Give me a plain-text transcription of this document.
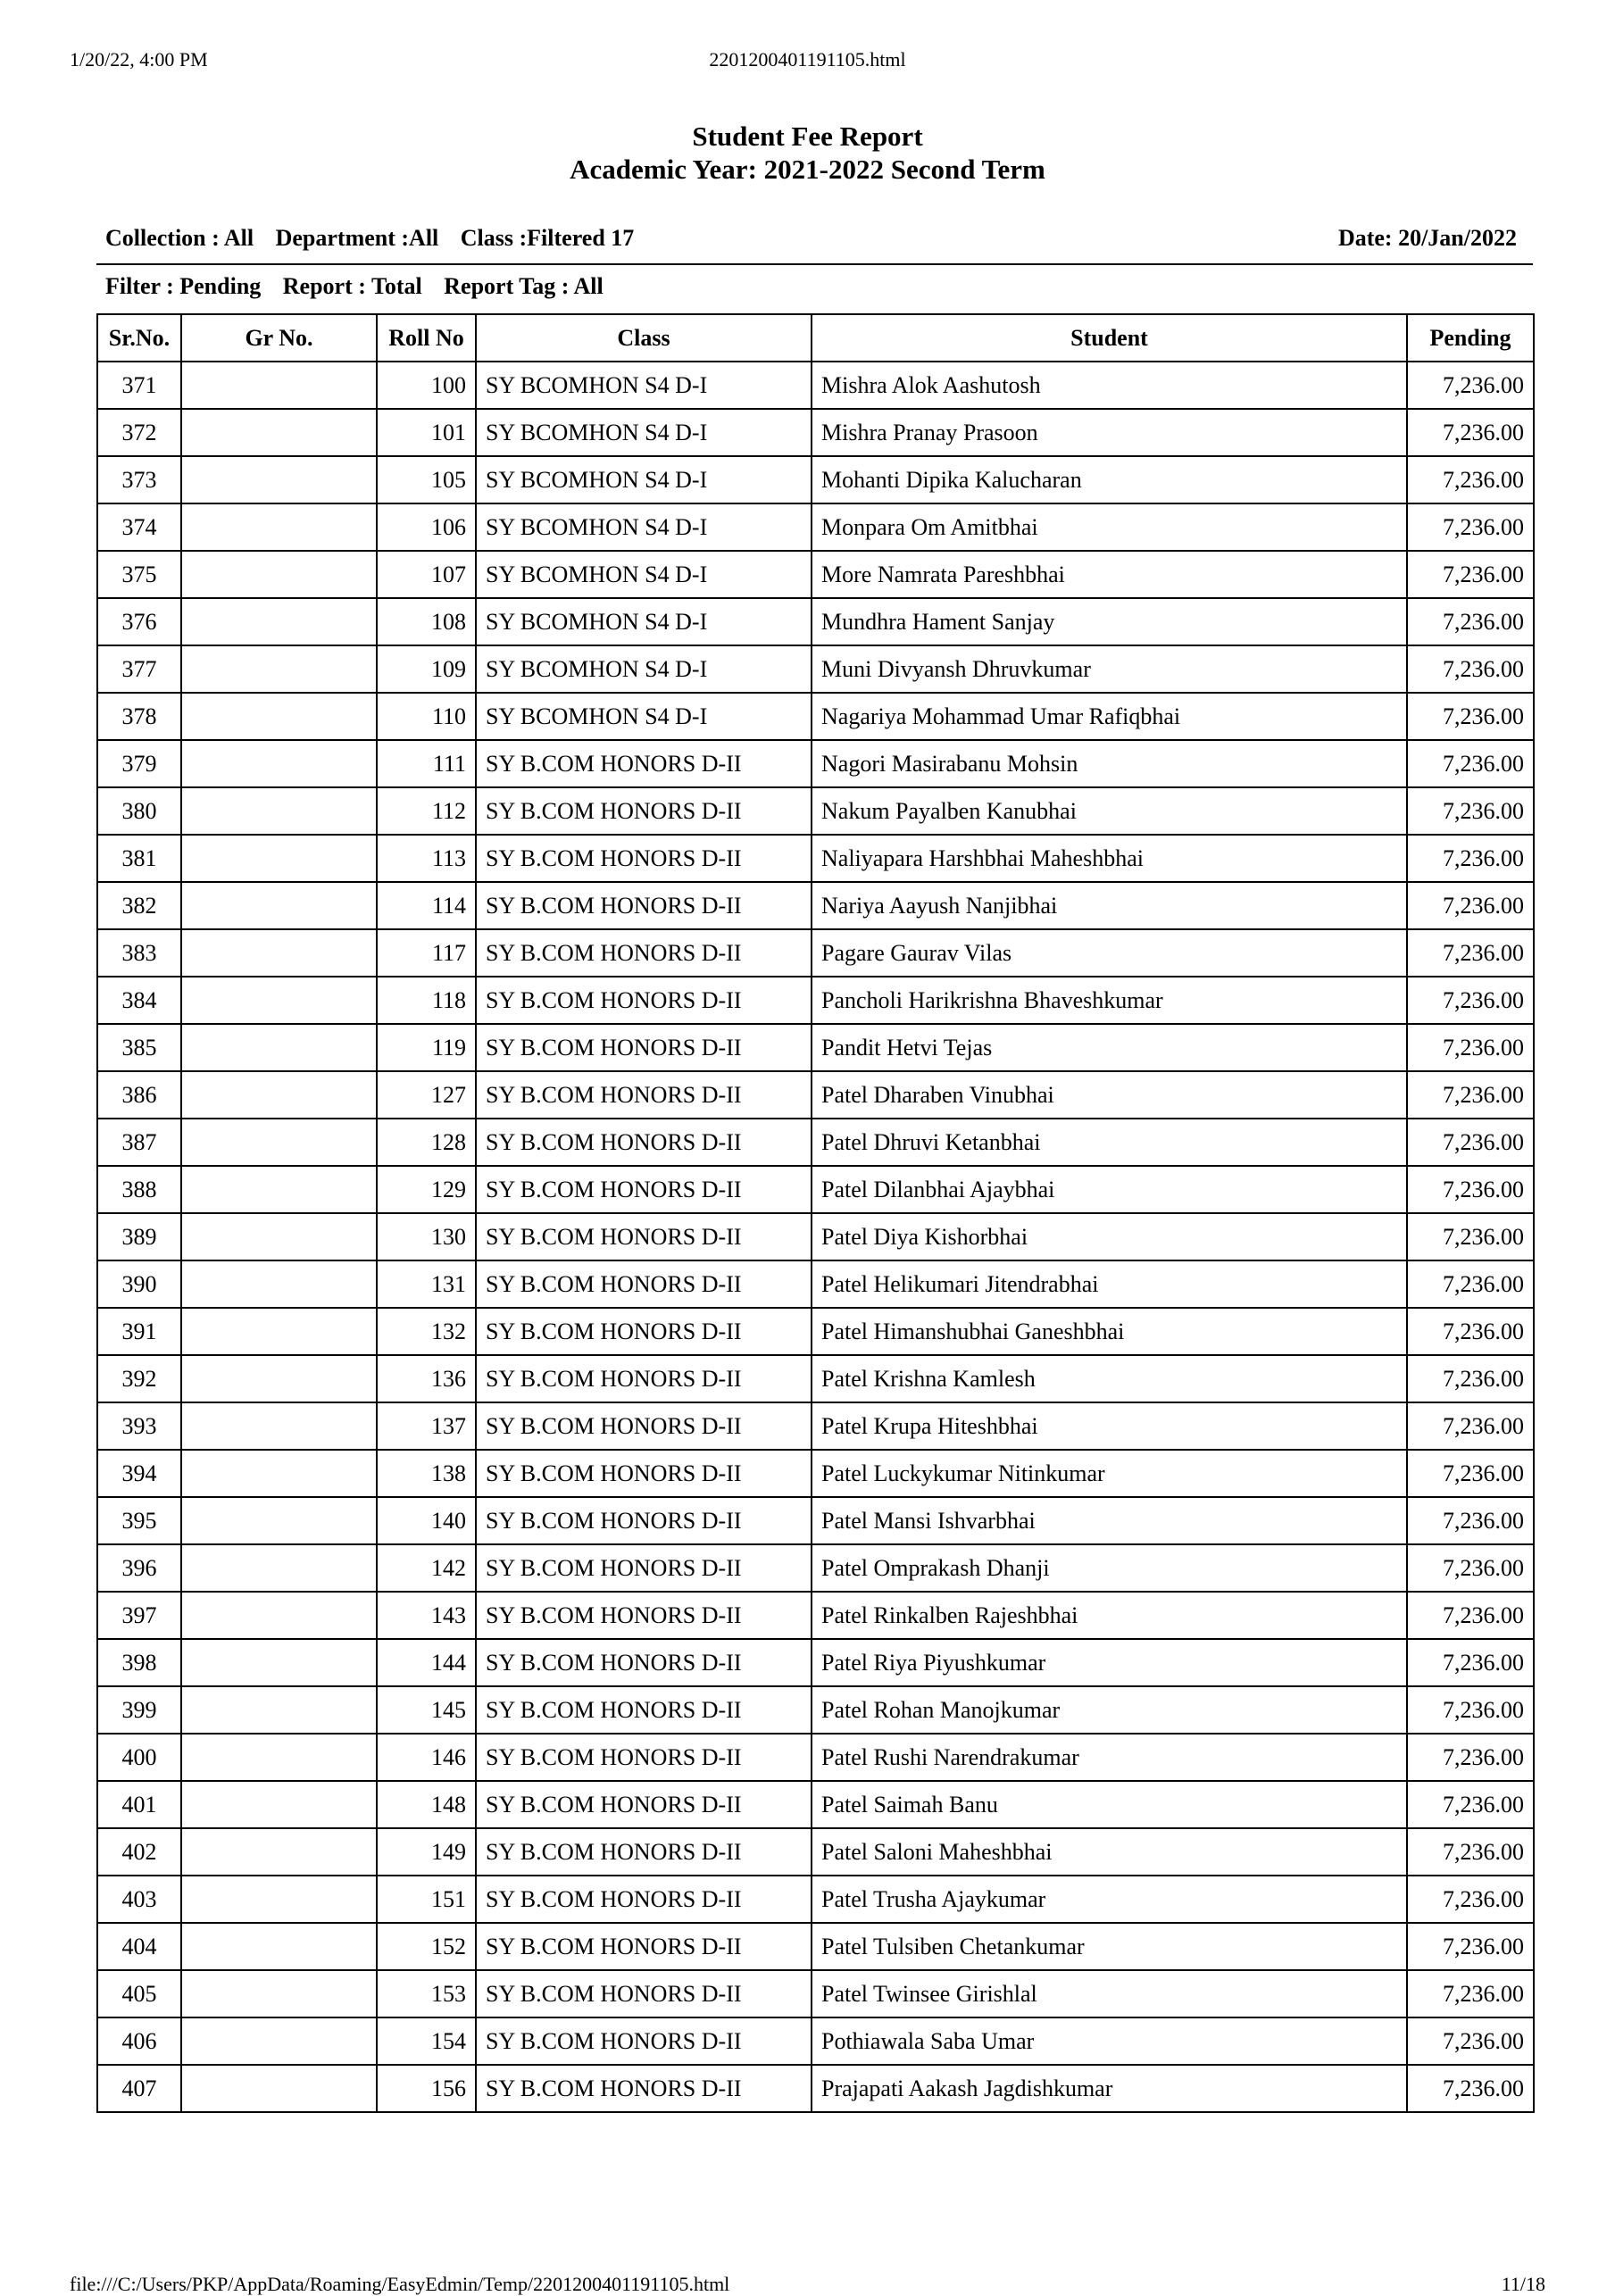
1/20/22, 4:00 PM	2201200401191105.html
Student Fee Report
Academic Year: 2021-2022 Second Term
Collection : All Department :All Class :Filtered 17	Date: 20/Jan/2022
Filter : Pending Report : Total Report Tag : All
Sr.No.	Gr No.	Roll No	Class	Student	Pending
371		100	SY BCOMHON S4 D-I	Mishra Alok Aashutosh	7,236.00
372		101	SY BCOMHON S4 D-I	Mishra Pranay Prasoon	7,236.00
373		105	SY BCOMHON S4 D-I	Mohanti Dipika Kalucharan	7,236.00
374		106	SY BCOMHON S4 D-I	Monpara Om Amitbhai	7,236.00
375		107	SY BCOMHON S4 D-I	More Namrata Pareshbhai	7,236.00
376		108	SY BCOMHON S4 D-I	Mundhra Hament Sanjay	7,236.00
377		109	SY BCOMHON S4 D-I	Muni Divyansh Dhruvkumar	7,236.00
378		110	SY BCOMHON S4 D-I	Nagariya Mohammad Umar Rafiqbhai	7,236.00
379		111	SY B.COM HONORS D-II	Nagori Masirabanu Mohsin	7,236.00
380		112	SY B.COM HONORS D-II	Nakum Payalben Kanubhai	7,236.00
381		113	SY B.COM HONORS D-II	Naliyapara Harshbhai Maheshbhai	7,236.00
382		114	SY B.COM HONORS D-II	Nariya Aayush Nanjibhai	7,236.00
383		117	SY B.COM HONORS D-II	Pagare Gaurav Vilas	7,236.00
384		118	SY B.COM HONORS D-II	Pancholi Harikrishna Bhaveshkumar	7,236.00
385		119	SY B.COM HONORS D-II	Pandit Hetvi Tejas	7,236.00
386		127	SY B.COM HONORS D-II	Patel Dharaben Vinubhai	7,236.00
387		128	SY B.COM HONORS D-II	Patel Dhruvi Ketanbhai	7,236.00
388		129	SY B.COM HONORS D-II	Patel Dilanbhai Ajaybhai	7,236.00
389		130	SY B.COM HONORS D-II	Patel Diya Kishorbhai	7,236.00
390		131	SY B.COM HONORS D-II	Patel Helikumari Jitendrabhai	7,236.00
391		132	SY B.COM HONORS D-II	Patel Himanshubhai Ganeshbhai	7,236.00
392		136	SY B.COM HONORS D-II	Patel Krishna Kamlesh	7,236.00
393		137	SY B.COM HONORS D-II	Patel Krupa Hiteshbhai	7,236.00
394		138	SY B.COM HONORS D-II	Patel Luckykumar Nitinkumar	7,236.00
395		140	SY B.COM HONORS D-II	Patel Mansi Ishvarbhai	7,236.00
396		142	SY B.COM HONORS D-II	Patel Omprakash Dhanji	7,236.00
397		143	SY B.COM HONORS D-II	Patel Rinkalben Rajeshbhai	7,236.00
398		144	SY B.COM HONORS D-II	Patel Riya Piyushkumar	7,236.00
399		145	SY B.COM HONORS D-II	Patel Rohan Manojkumar	7,236.00
400		146	SY B.COM HONORS D-II	Patel Rushi Narendrakumar	7,236.00
401		148	SY B.COM HONORS D-II	Patel Saimah Banu	7,236.00
402		149	SY B.COM HONORS D-II	Patel Saloni Maheshbhai	7,236.00
403		151	SY B.COM HONORS D-II	Patel Trusha Ajaykumar	7,236.00
404		152	SY B.COM HONORS D-II	Patel Tulsiben Chetankumar	7,236.00
405		153	SY B.COM HONORS D-II	Patel Twinsee Girishlal	7,236.00
406		154	SY B.COM HONORS D-II	Pothiawala Saba Umar	7,236.00
407		156	SY B.COM HONORS D-II	Prajapati Aakash Jagdishkumar	7,236.00
file:///C:/Users/PKP/AppData/Roaming/EasyEdmin/Temp/2201200401191105.html	11/18
